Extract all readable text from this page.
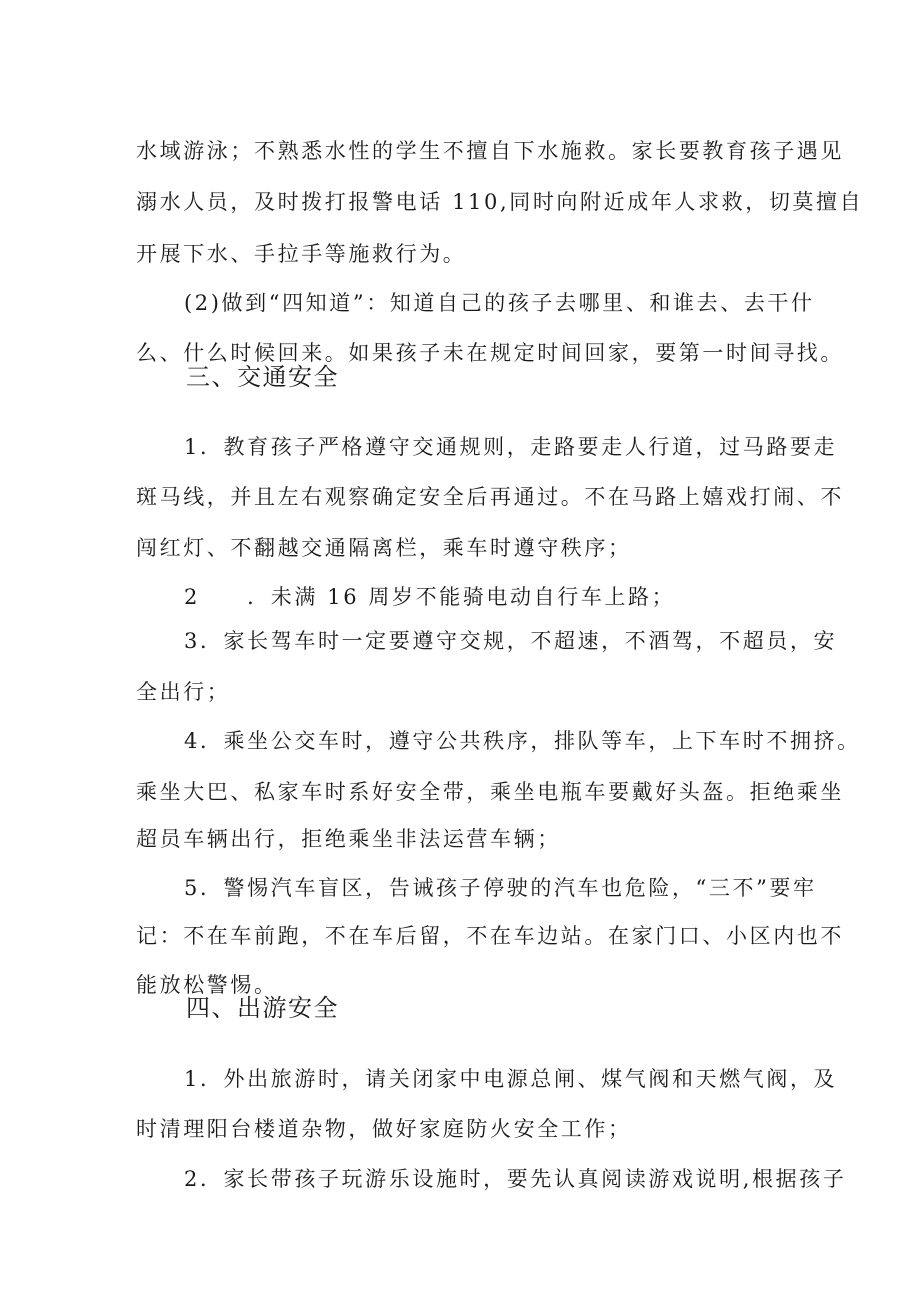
水域游泳；不熟悉水性的学生不擅自下水施救。家长要教育孩子遇见

溺水人员，及时拨打报警电话 110,同时向附近成年人求救，切莫擅自

开展下水、手拉手等施救行为。

(2)做到“四知道”：知道自己的孩子去哪里、和谁去、去干什

么、什么时候回来。如果孩子未在规定时间回家，要第一时间寻找。

三、交通安全

1．教育孩子严格遵守交通规则，走路要走人行道，过马路要走

斑马线，并且左右观察确定安全后再通过。不在马路上嬉戏打闹、不

闯红灯、不翻越交通隔离栏，乘车时遵守秩序；

2　　．未满 16 周岁不能骑电动自行车上路；

3．家长驾车时一定要遵守交规，不超速，不酒驾，不超员，安

全出行；

4．乘坐公交车时，遵守公共秩序，排队等车，上下车时不拥挤。

乘坐大巴、私家车时系好安全带，乘坐电瓶车要戴好头盔。拒绝乘坐

超员车辆出行，拒绝乘坐非法运营车辆；

5．警惕汽车盲区，告诫孩子停驶的汽车也危险，“三不”要牢

记：不在车前跑，不在车后留，不在车边站。在家门口、小区内也不

能放松警惕。

四、出游安全

1．外出旅游时，请关闭家中电源总闸、煤气阀和天燃气阀，及

时清理阳台楼道杂物，做好家庭防火安全工作；

2．家长带孩子玩游乐设施时，要先认真阅读游戏说明,根据孩子
